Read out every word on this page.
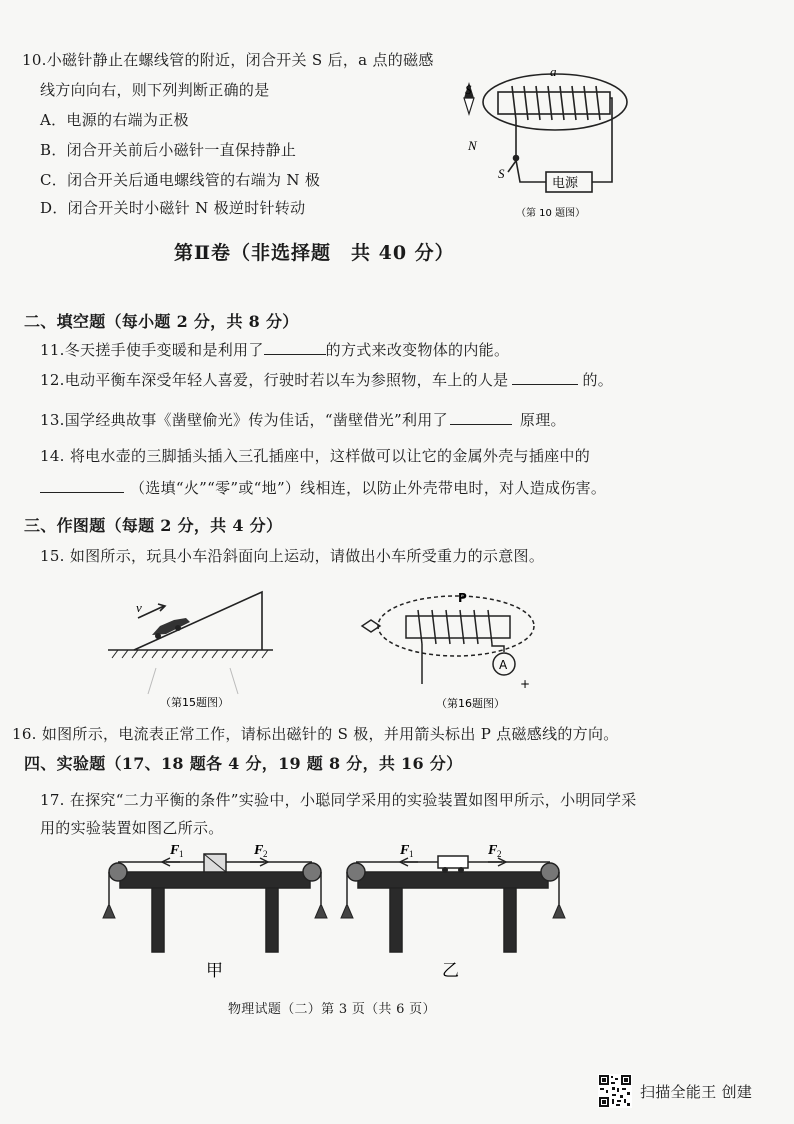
10.小磁针静止在螺线管的附近，闭合开关 S 后，a 点的磁感
线方向向右，则下列判断正确的是
A．电源的右端为正极
B．闭合开关前后小磁针一直保持静止
C．闭合开关后通电螺线管的右端为 N 极
D．闭合开关时小磁针 N 极逆时针转动
a
S
N
S
电源
（第 10 题图）
第Ⅱ卷（非选择题　共 40 分）
二、填空题（每小题 2 分，共 8 分）
11.冬天搓手使手变暖和是利用了	的方式来改变物体的内能。
12.电动平衡车深受年轻人喜爱，行驶时若以车为参照物，车上的人是	的。
13.国学经典故事《凿壁偷光》传为佳话，“凿壁借光”利用了	原理。
14. 将电水壶的三脚插头插入三孔插座中，这样做可以让它的金属外壳与插座中的
（选填“火”“零”或“地”）线相连，以防止外壳带电时，对人造成伤害。
三、作图题（每题 2 分，共 4 分）
15. 如图所示，玩具小车沿斜面向上运动，请做出小车所受重力的示意图。
v
（第15题图）
P
A
+
（第16题图）
16. 如图所示，电流表正常工作，请标出磁针的 S 极，并用箭头标出 P 点磁感线的方向。
四、实验题（17、18 题各 4 分，19 题 8 分，共 16 分）
17. 在探究“二力平衡的条件”实验中，小聪同学采用的实验装置如图甲所示，小明同学采
用的实验装置如图乙所示。
F 1	F 2
甲
F 1	F 2
乙
物理试题（二）第 3 页（共 6 页）
扫描全能王 创建
